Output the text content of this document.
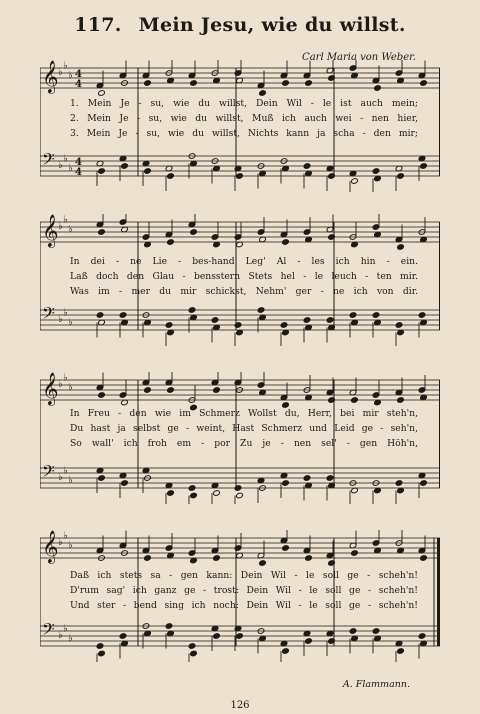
117. Mein Jesu, wie du willst.
Carl Maria von Weber.
𝄞 ♭
♭
♭ 4
4
𝄢 ♭
♭
♭
4
4
1. Mein Je - su, wie du willst, Dein Wil - le ist auch mein;
2. Mein Je - su, wie du willst, Muß ich auch wei - nen hier,
3. Mein Je - su, wie du willst, Nichts kann ja scha - den mir;
𝄞 ♭
♭
♭
𝄢 ♭
♭
♭
In dei - ne Lie - bes-hand Leg' Al - les ich hin - ein.
Laß doch den Glau - bensstern Stets hel - le leuch - ten mir.
Was im - mer du mir schickst, Nehm' ger - ne ich von dir.
𝄞 ♭
♭
♭
𝄢 ♭
♭
♭
In Freu - den wie im Schmerz Wollst du, Herr, bei mir steh'n,
Du hast ja selbst ge - weint, Hast Schmerz und Leid ge - seh'n,
So wall' ich froh em - por Zu je - nen sel' - gen Höh'n,
𝄞 ♭
♭
♭
𝄢 ♭
♭
♭
Daß ich stets sa - gen kann: Dein Wil - le soll ge - scheh'n!
D'rum sag' ich ganz ge - trost: Dein Wil - le soll ge - scheh'n!
Und ster - bend sing ich noch: Dein Wil - le soll ge - scheh'n!
A. Flammann.
126
